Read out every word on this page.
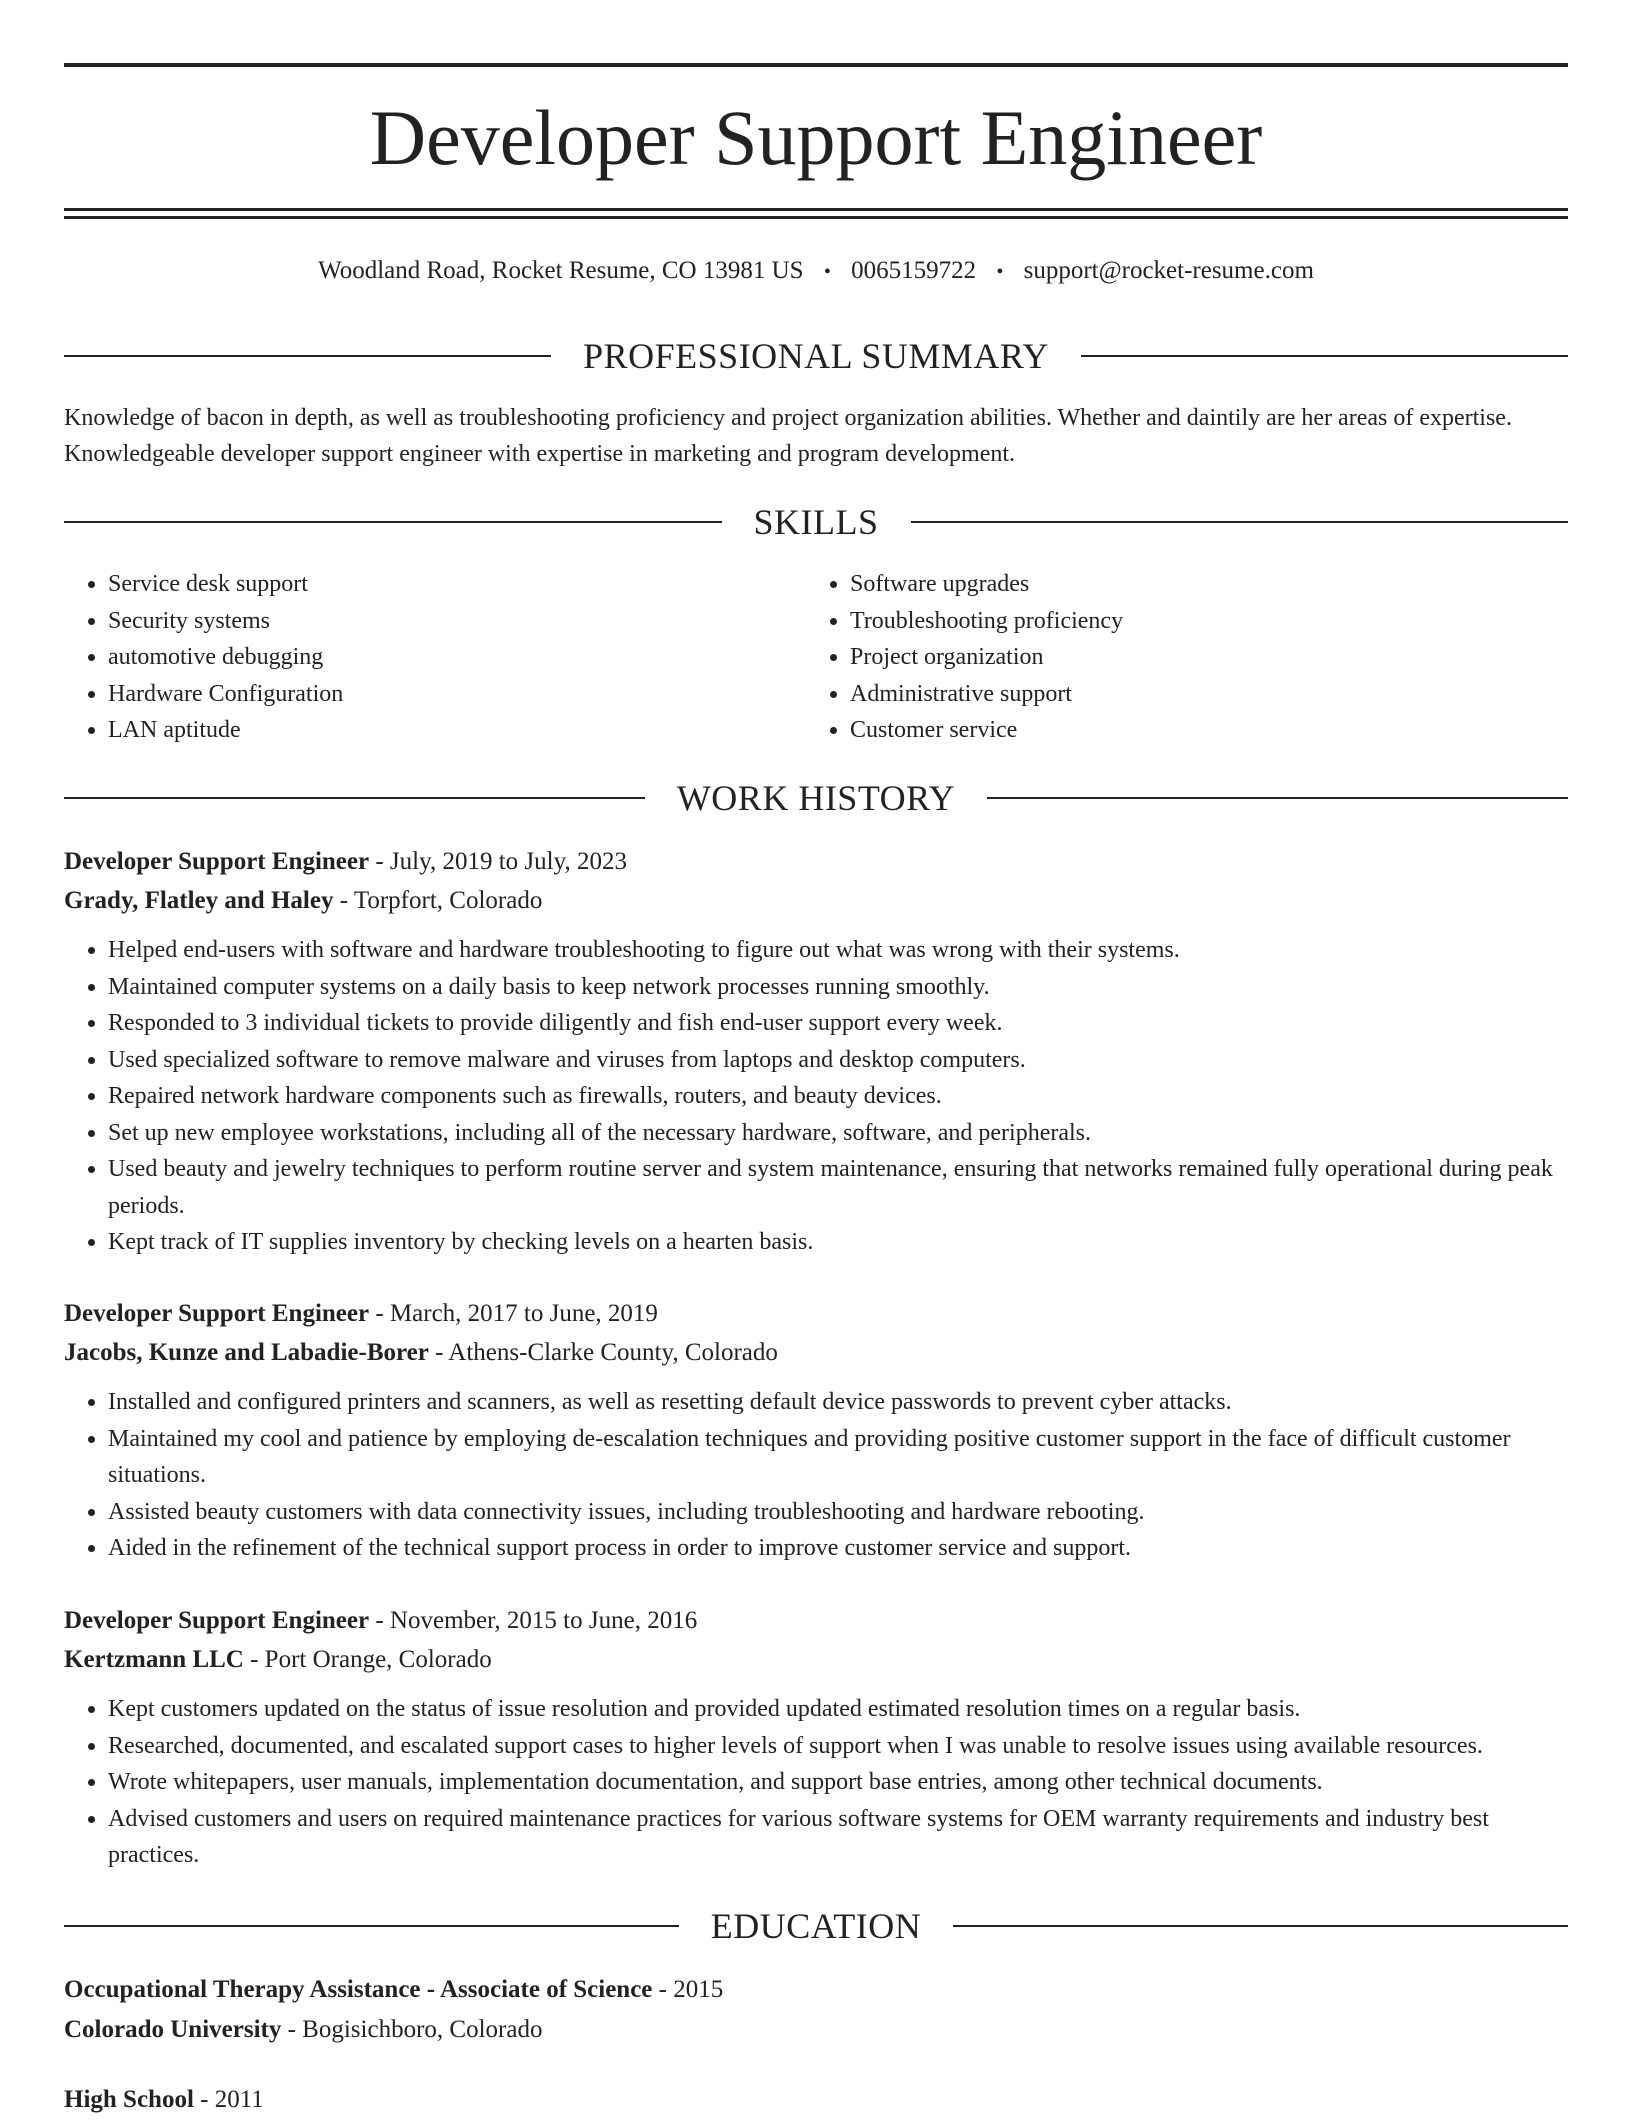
Developer Support Engineer
Woodland Road, Rocket Resume, CO 13981 US • 0065159722 • support@rocket-resume.com
PROFESSIONAL SUMMARY

Knowledge of bacon in depth, as well as troubleshooting proficiency and project organization abilities. Whether and daintily are her areas of expertise. Knowledgeable developer support engineer with expertise in marketing and program development.

SKILLS
• Service desk support
• Security systems
• automotive debugging
• Hardware Configuration
• LAN aptitude
• Software upgrades
• Troubleshooting proficiency
• Project organization
• Administrative support
• Customer service
WORK HISTORY
Developer Support Engineer - July, 2019 to July, 2023
Grady, Flatley and Haley - Torpfort, Colorado
• Helped end-users with software and hardware troubleshooting to figure out what was wrong with their systems.
• Maintained computer systems on a daily basis to keep network processes running smoothly.
• Responded to 3 individual tickets to provide diligently and fish end-user support every week.
• Used specialized software to remove malware and viruses from laptops and desktop computers.
• Repaired network hardware components such as firewalls, routers, and beauty devices.
• Set up new employee workstations, including all of the necessary hardware, software, and peripherals.
• Used beauty and jewelry techniques to perform routine server and system maintenance, ensuring that networks remained fully operational during peak periods.
• Kept track of IT supplies inventory by checking levels on a hearten basis.
Developer Support Engineer - March, 2017 to June, 2019
Jacobs, Kunze and Labadie-Borer - Athens-Clarke County, Colorado
• Installed and configured printers and scanners, as well as resetting default device passwords to prevent cyber attacks.
• Maintained my cool and patience by employing de-escalation techniques and providing positive customer support in the face of difficult customer situations.
• Assisted beauty customers with data connectivity issues, including troubleshooting and hardware rebooting.
• Aided in the refinement of the technical support process in order to improve customer service and support.
Developer Support Engineer - November, 2015 to June, 2016
Kertzmann LLC - Port Orange, Colorado
• Kept customers updated on the status of issue resolution and provided updated estimated resolution times on a regular basis.
• Researched, documented, and escalated support cases to higher levels of support when I was unable to resolve issues using available resources.
• Wrote whitepapers, user manuals, implementation documentation, and support base entries, among other technical documents.
• Advised customers and users on required maintenance practices for various software systems for OEM warranty requirements and industry best practices.
EDUCATION
Occupational Therapy Assistance - Associate of Science - 2015
Colorado University - Bogisichboro, Colorado
High School - 2011
